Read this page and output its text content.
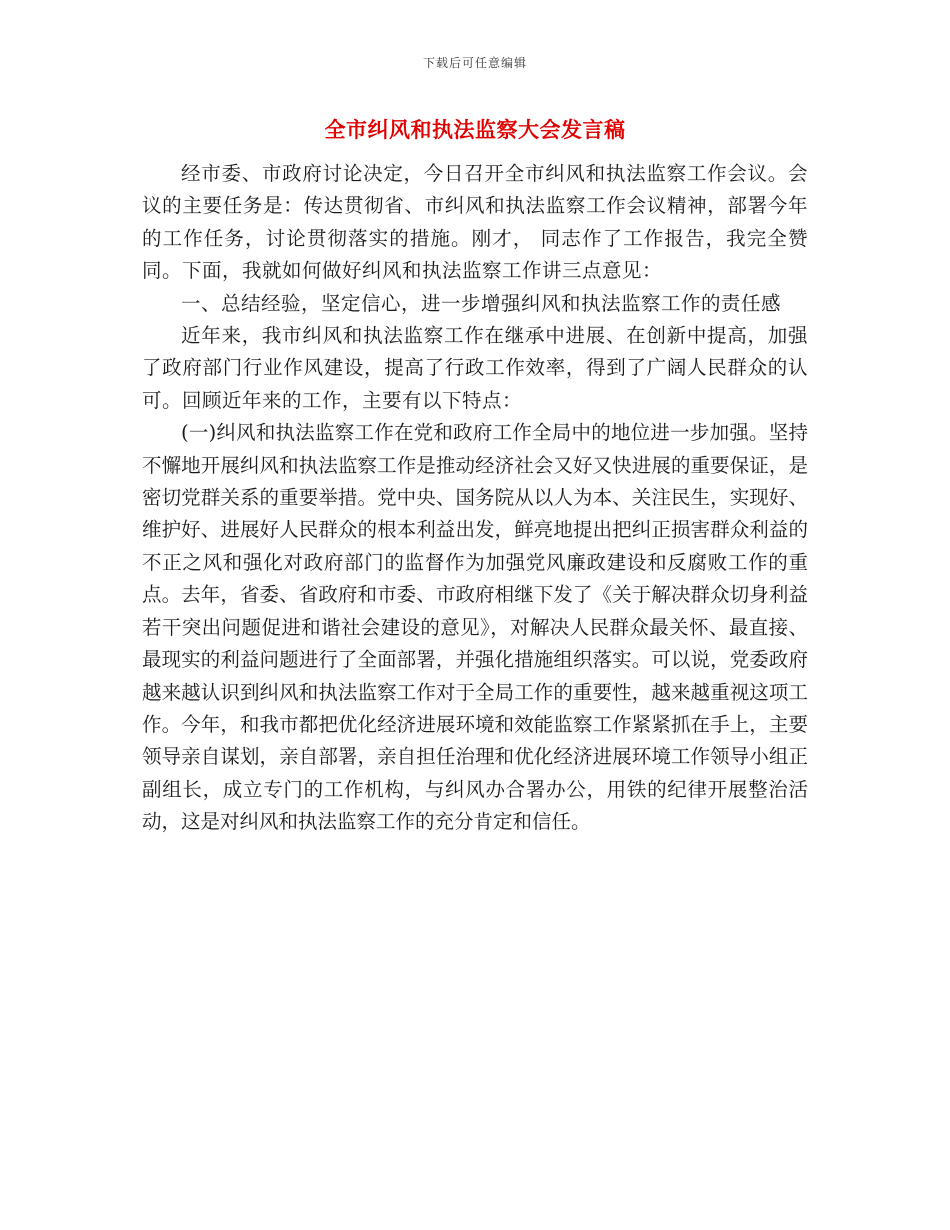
下载后可任意编辑
全市纠风和执法监察大会发言稿

经市委、市政府讨论决定，今日召开全市纠风和执法监察工作会议。会议的主要任务是：传达贯彻省、市纠风和执法监察工作会议精神，部署今年的工作任务，讨论贯彻落实的措施。刚才， 同志作了工作报告，我完全赞同。下面，我就如何做好纠风和执法监察工作讲三点意见：

一、总结经验，坚定信心，进一步增强纠风和执法监察工作的责任感

近年来，我市纠风和执法监察工作在继承中进展、在创新中提高，加强了政府部门行业作风建设，提高了行政工作效率，得到了广阔人民群众的认可。回顾近年来的工作，主要有以下特点：

(一)纠风和执法监察工作在党和政府工作全局中的地位进一步加强。坚持不懈地开展纠风和执法监察工作是推动经济社会又好又快进展的重要保证，是密切党群关系的重要举措。党中央、国务院从以人为本、关注民生，实现好、维护好、进展好人民群众的根本利益出发，鲜亮地提出把纠正损害群众利益的不正之风和强化对政府部门的监督作为加强党风廉政建设和反腐败工作的重点。去年，省委、省政府和市委、市政府相继下发了《关于解决群众切身利益若干突出问题促进和谐社会建设的意见》，对解决人民群众最关怀、最直接、最现实的利益问题进行了全面部署，并强化措施组织落实。可以说，党委政府越来越认识到纠风和执法监察工作对于全局工作的重要性，越来越重视这项工作。今年，和我市都把优化经济进展环境和效能监察工作紧紧抓在手上，主要领导亲自谋划，亲自部署，亲自担任治理和优化经济进展环境工作领导小组正副组长，成立专门的工作机构，与纠风办合署办公，用铁的纪律开展整治活动，这是对纠风和执法监察工作的充分肯定和信任。
